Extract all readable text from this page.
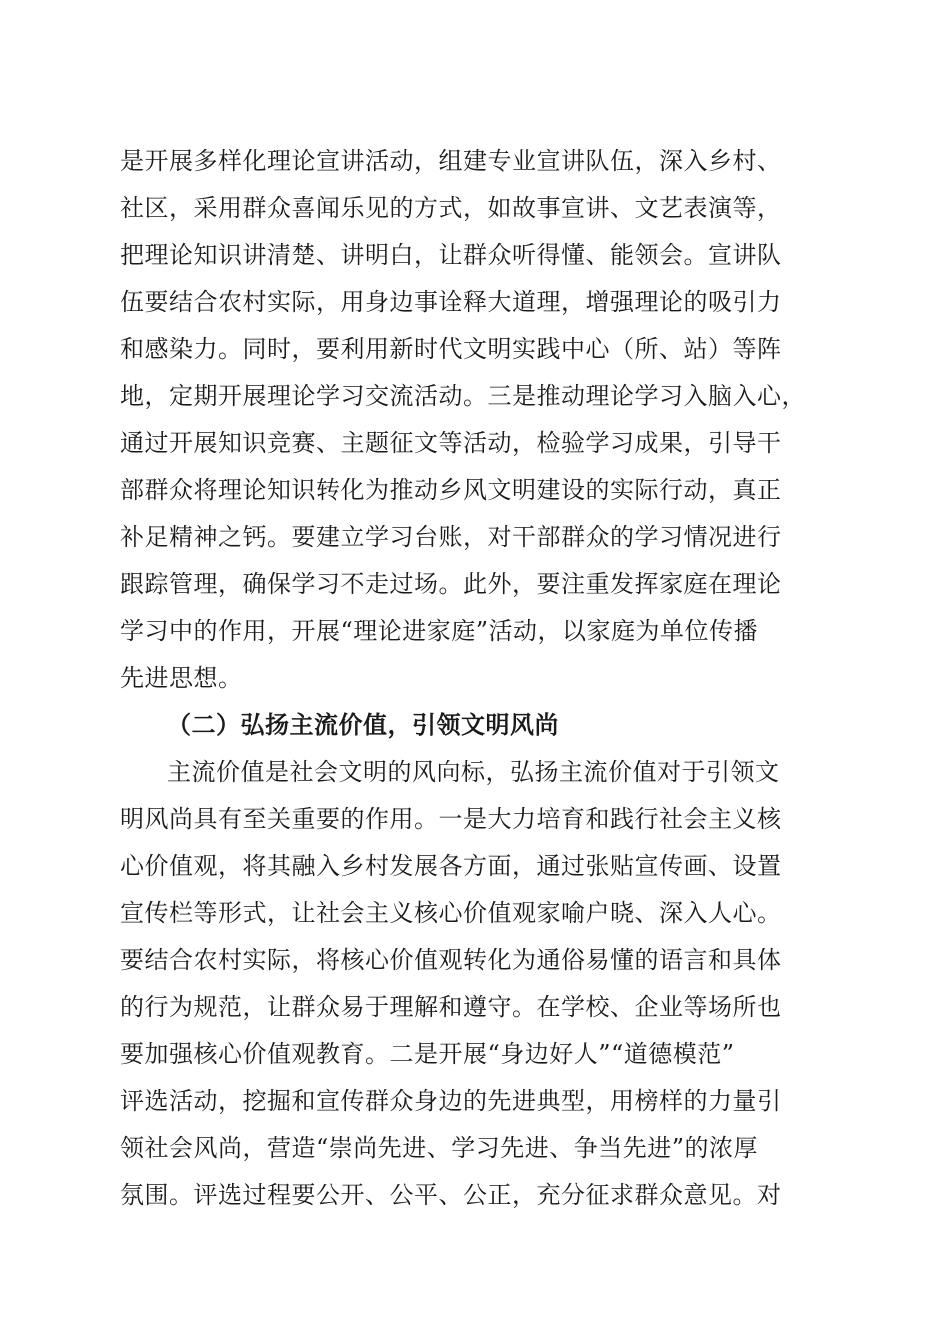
是开展多样化理论宣讲活动，组建专业宣讲队伍，深入乡村、
社区，采用群众喜闻乐见的方式，如故事宣讲、文艺表演等，
把理论知识讲清楚、讲明白，让群众听得懂、能领会。宣讲队
伍要结合农村实际，用身边事诠释大道理，增强理论的吸引力
和感染力。同时，要利用新时代文明实践中心（所、站）等阵
地，定期开展理论学习交流活动。三是推动理论学习入脑入心，
通过开展知识竞赛、主题征文等活动，检验学习成果，引导干
部群众将理论知识转化为推动乡风文明建设的实际行动，真正
补足精神之钙。要建立学习台账，对干部群众的学习情况进行
跟踪管理，确保学习不走过场。此外，要注重发挥家庭在理论
学习中的作用，开展“理论进家庭”活动，以家庭为单位传播
先进思想。
（二）弘扬主流价值，引领文明风尚
主流价值是社会文明的风向标，弘扬主流价值对于引领文
明风尚具有至关重要的作用。一是大力培育和践行社会主义核
心价值观，将其融入乡村发展各方面，通过张贴宣传画、设置
宣传栏等形式，让社会主义核心价值观家喻户晓、深入人心。
要结合农村实际，将核心价值观转化为通俗易懂的语言和具体
的行为规范，让群众易于理解和遵守。在学校、企业等场所也
要加强核心价值观教育。二是开展“身边好人”“道德模范”
评选活动，挖掘和宣传群众身边的先进典型，用榜样的力量引
领社会风尚，营造“崇尚先进、学习先进、争当先进”的浓厚
氛围。评选过程要公开、公平、公正，充分征求群众意见。对
